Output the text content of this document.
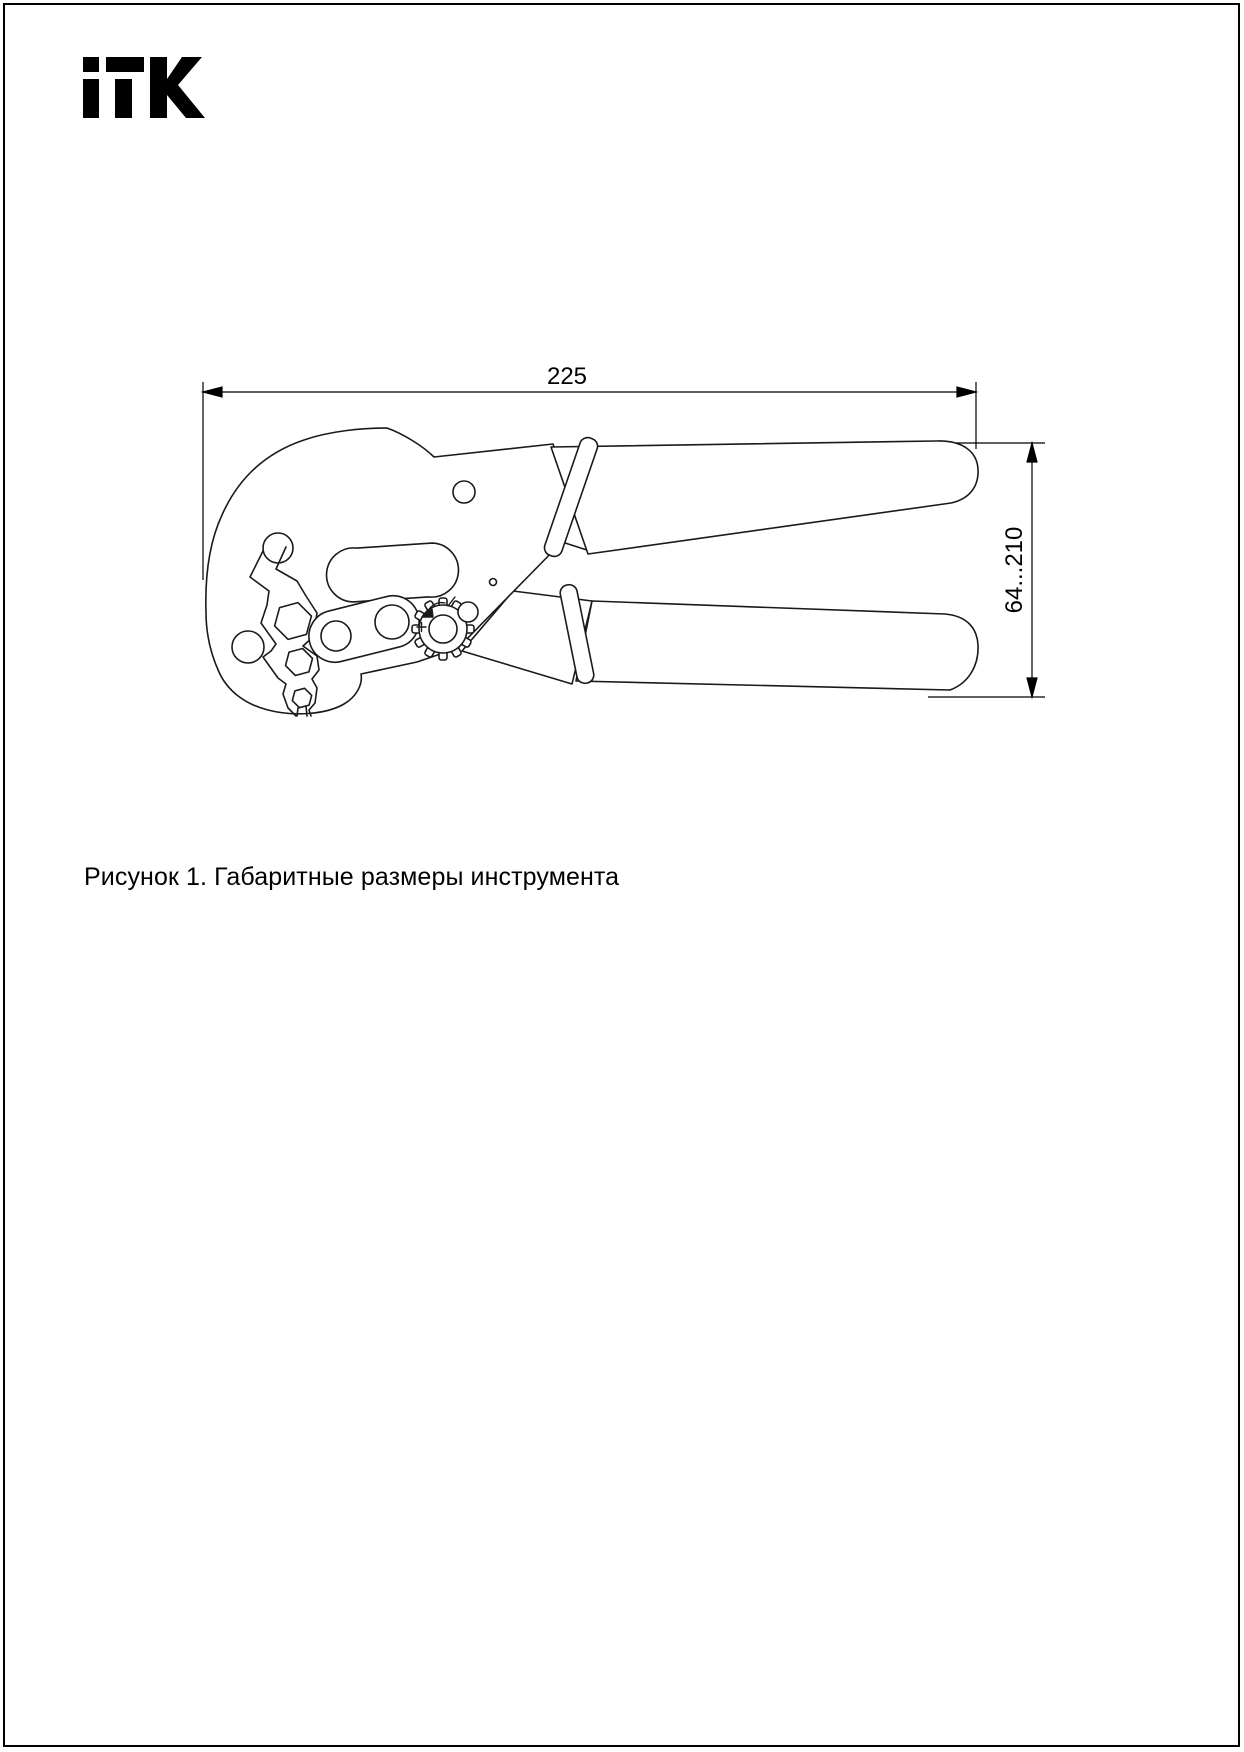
225
64...210
Рисунок 1. Габаритные размеры инструмента
